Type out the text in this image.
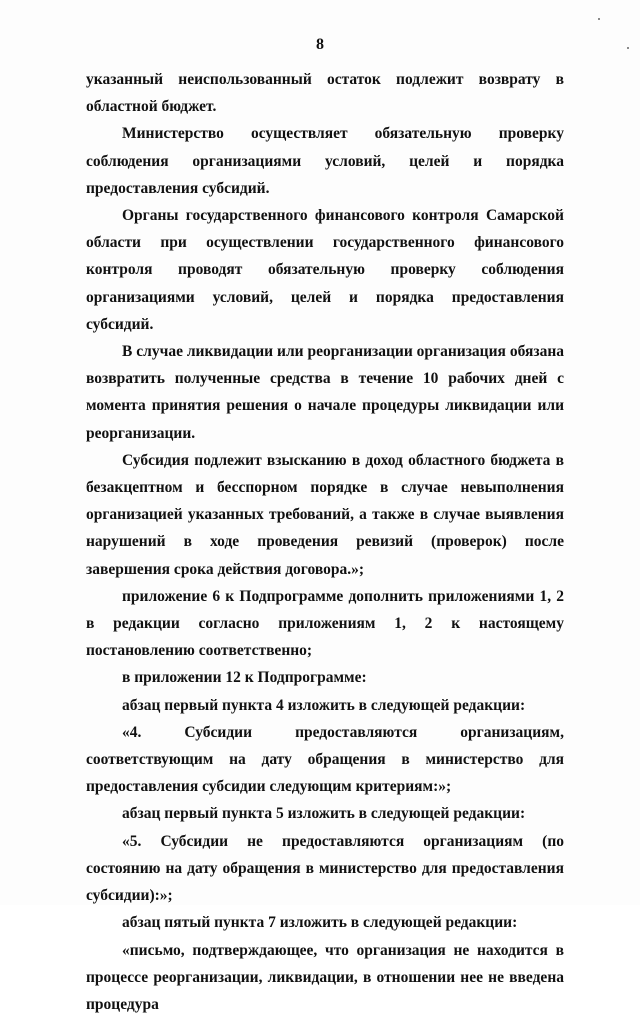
8

указанный неиспользованный остаток подлежит возврату в областной бюджет.

Министерство осуществляет обязательную проверку соблюдения организациями условий, целей и порядка предоставления субсидий.

Органы государственного финансового контроля Самарской области при осуществлении государственного финансового контроля проводят обязательную проверку соблюдения организациями условий, целей и порядка предоставления субсидий.

В случае ликвидации или реорганизации организация обязана возвратить полученные средства в течение 10 рабочих дней с момента принятия решения о начале процедуры ликвидации или реорганизации.

Субсидия подлежит взысканию в доход областного бюджета в безакцептном и бесспорном порядке в случае невыполнения организацией указанных требований, а также в случае выявления нарушений в ходе проведения ревизий (проверок) после завершения срока действия договора.»;

приложение 6 к Подпрограмме дополнить приложениями 1, 2 в редакции согласно приложениям 1, 2 к настоящему постановлению соответственно;

в приложении 12 к Подпрограмме:

абзац первый пункта 4 изложить в следующей редакции:

«4. Субсидии предоставляются организациям, соответствующим на дату обращения в министерство для предоставления субсидии следующим критериям:»;

абзац первый пункта 5 изложить в следующей редакции:

«5. Субсидии не предоставляются организациям (по состоянию на дату обращения в министерство для предоставления субсидии):»;

абзац пятый пункта 7 изложить в следующей редакции:

«письмо, подтверждающее, что организация не находится в процессе реорганизации, ликвидации, в отношении нее не введена процедура
